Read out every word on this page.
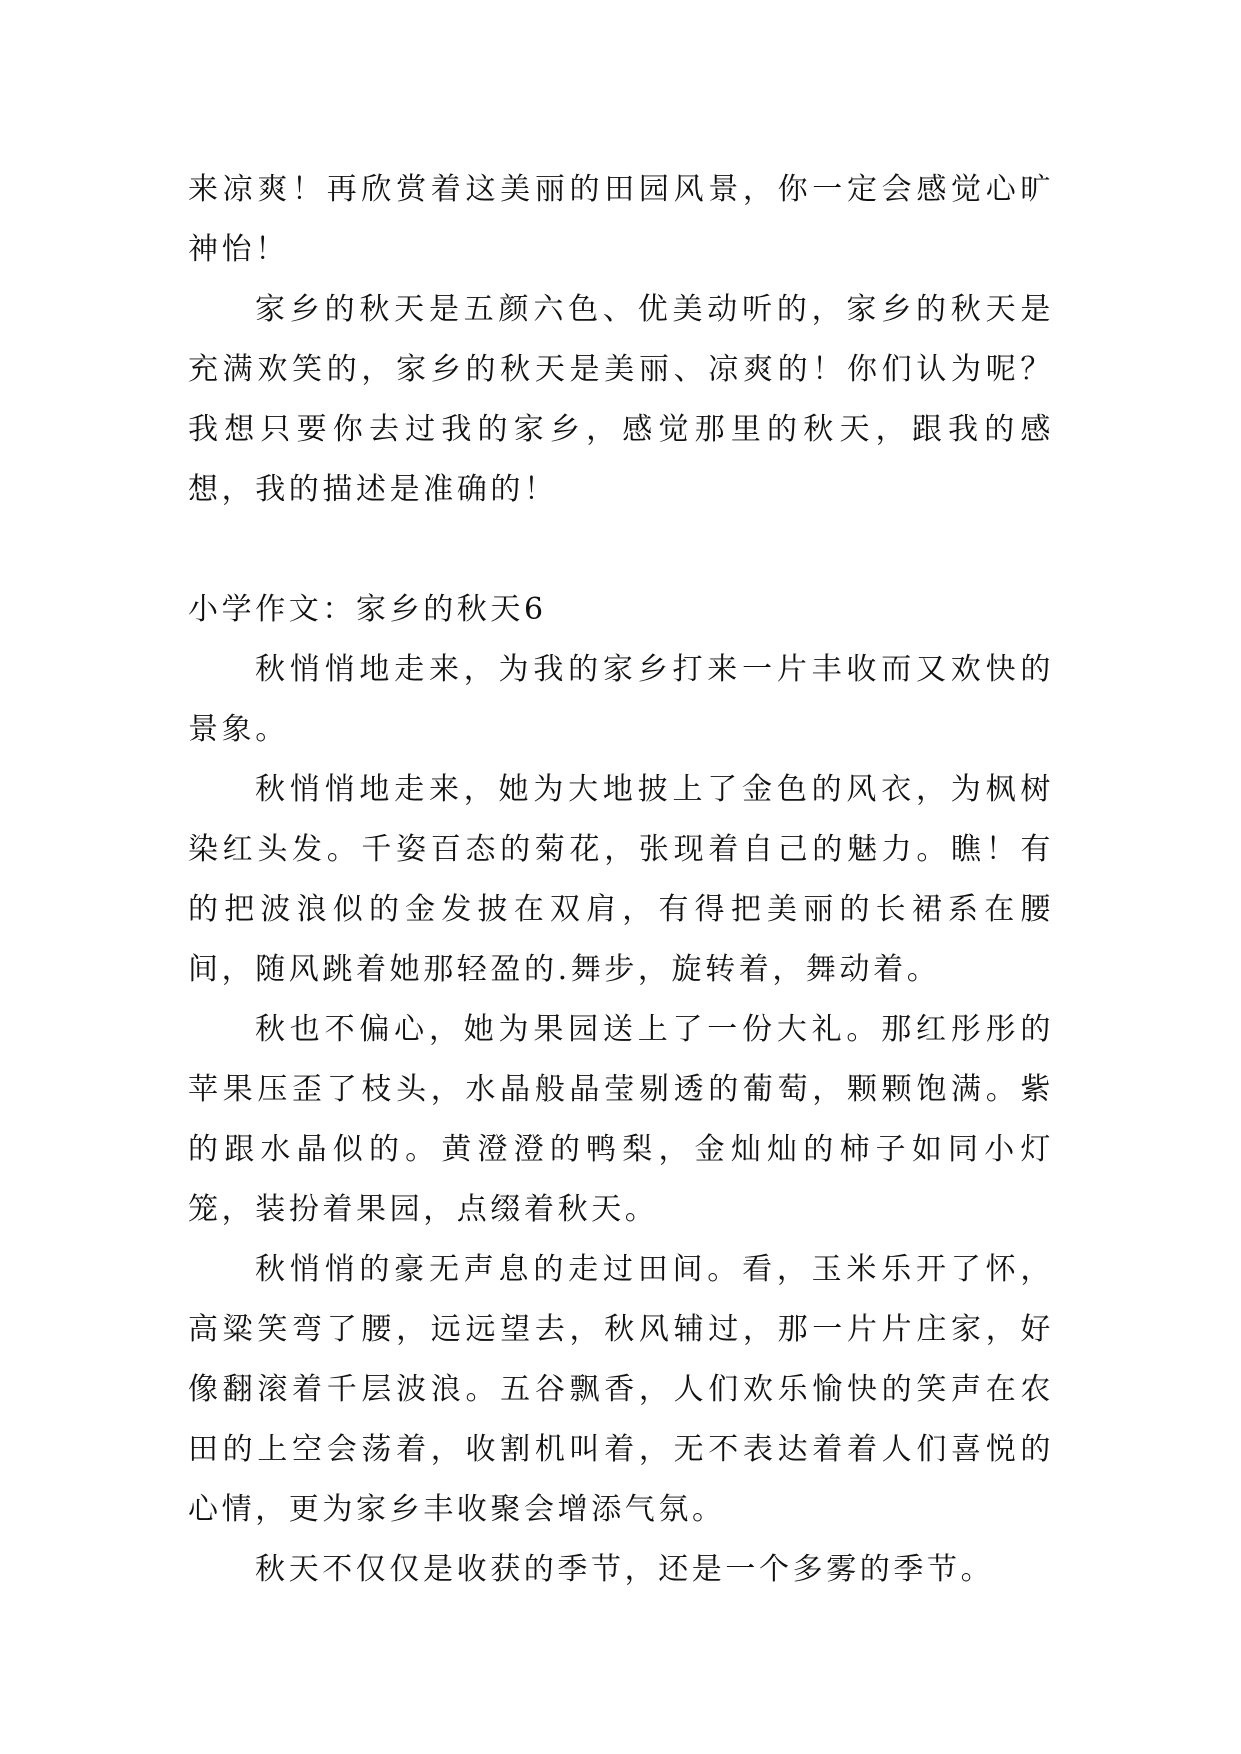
来凉爽！再欣赏着这美丽的田园风景，你一定会感觉心旷神怡！

家乡的秋天是五颜六色、优美动听的，家乡的秋天是充满欢笑的，家乡的秋天是美丽、凉爽的！你们认为呢？我想只要你去过我的家乡，感觉那里的秋天，跟我的感想，我的描述是准确的！

小学作文：家乡的秋天6

秋悄悄地走来，为我的家乡打来一片丰收而又欢快的景象。

秋悄悄地走来，她为大地披上了金色的风衣，为枫树染红头发。千姿百态的菊花，张现着自己的魅力。瞧！有的把波浪似的金发披在双肩，有得把美丽的长裙系在腰间，随风跳着她那轻盈的.舞步，旋转着，舞动着。

秋也不偏心，她为果园送上了一份大礼。那红彤彤的苹果压歪了枝头，水晶般晶莹剔透的葡萄，颗颗饱满。紫的跟水晶似的。黄澄澄的鸭梨，金灿灿的柿子如同小灯笼，装扮着果园，点缀着秋天。

秋悄悄的豪无声息的走过田间。看，玉米乐开了怀，高粱笑弯了腰，远远望去，秋风辅过，那一片片庄家，好像翻滚着千层波浪。五谷飘香，人们欢乐愉快的笑声在农田的上空会荡着，收割机叫着，无不表达着着人们喜悦的心情，更为家乡丰收聚会增添气氛。

秋天不仅仅是收获的季节，还是一个多雾的季节。
